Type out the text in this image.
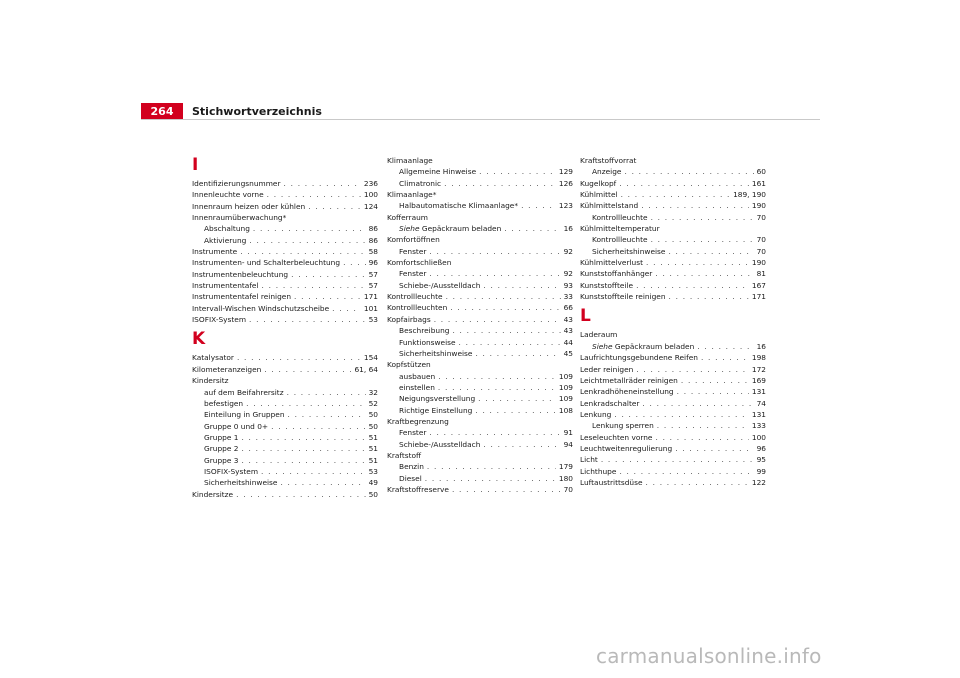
264	Stichwortverzeichnis
I
Identifizierungsnummer . . .	236
Innenleuchte vorne . . .	100
Innenraum heizen oder kühlen . . .	124
Innenraumüberwachung*
Abschaltung . . .	86
Aktivierung . . .	86
Instrumente . . .	58
Instrumenten- und Schalterbeleuchtung . . .	96
Instrumentenbeleuchtung . . .	57
Instrumententafel . . .	57
Instrumententafel reinigen . . .	171
Intervall-Wischen Windschutzscheibe . . .	101
ISOFIX-System . . .	53
K
Katalysator . . .	154
Kilometeranzeigen . . .	61, 64
Kindersitz
auf dem Beifahrersitz . . .	32
befestigen . . .	52
Einteilung in Gruppen . . .	50
Gruppe 0 und 0+ . . .	50
Gruppe 1 . . .	51
Gruppe 2 . . .	51
Gruppe 3 . . .	51
ISOFIX-System . . .	53
Sicherheitshinweise . . .	49
Kindersitze . . .	50
Klimaanlage
Allgemeine Hinweise . . .	129
Climatronic . . .	126
Klimaanlage*
Halbautomatische Klimaanlage* . . .	123
Kofferraum
Siehe Gepäckraum beladen . . .	16
Komfortöffnen
Fenster . . .	92
Komfortschließen
Fenster . . .	92
Schiebe-/Ausstelldach . . .	93
Kontrollleuchte . . .	33
Kontrollleuchten . . .	66
Kopfairbags . . .	43
Beschreibung . . .	43
Funktionsweise . . .	44
Sicherheitshinweise . . .	45
Kopfstützen
ausbauen . . .	109
einstellen . . .	109
Neigungsverstellung . . .	109
Richtige Einstellung . . .	108
Kraftbegrenzung
Fenster . . .	91
Schiebe-/Ausstelldach . . .	94
Kraftstoff
Benzin . . .	179
Diesel . . .	180
Kraftstoffreserve . . .	70
Kraftstoffvorrat
Anzeige . . .	60
Kugelkopf . . .	161
Kühlmittel . . .	189, 190
Kühlmittelstand . . .	190
Kontrollleuchte . . .	70
Kühlmitteltemperatur
Kontrollleuchte . . .	70
Sicherheitshinweise . . .	70
Kühlmittelverlust . . .	190
Kunststoffanhänger . . .	81
Kunststoffteile . . .	167
Kunststoffteile reinigen . . .	171
L
Laderaum
Siehe Gepäckraum beladen . . .	16
Laufrichtungsgebundene Reifen . . .	198
Leder reinigen . . .	172
Leichtmetallräder reinigen . . .	169
Lenkradhöheneinstellung . . .	131
Lenkradschalter . . .	74
Lenkung . . .	131
Lenkung sperren . . .	133
Leseleuchten vorne . . .	100
Leuchtweitenregulierung . . .	96
Licht . . .	95
Lichthupe . . .	99
Luftaustrittsdüse . . .	122
carmanualsonline.info
